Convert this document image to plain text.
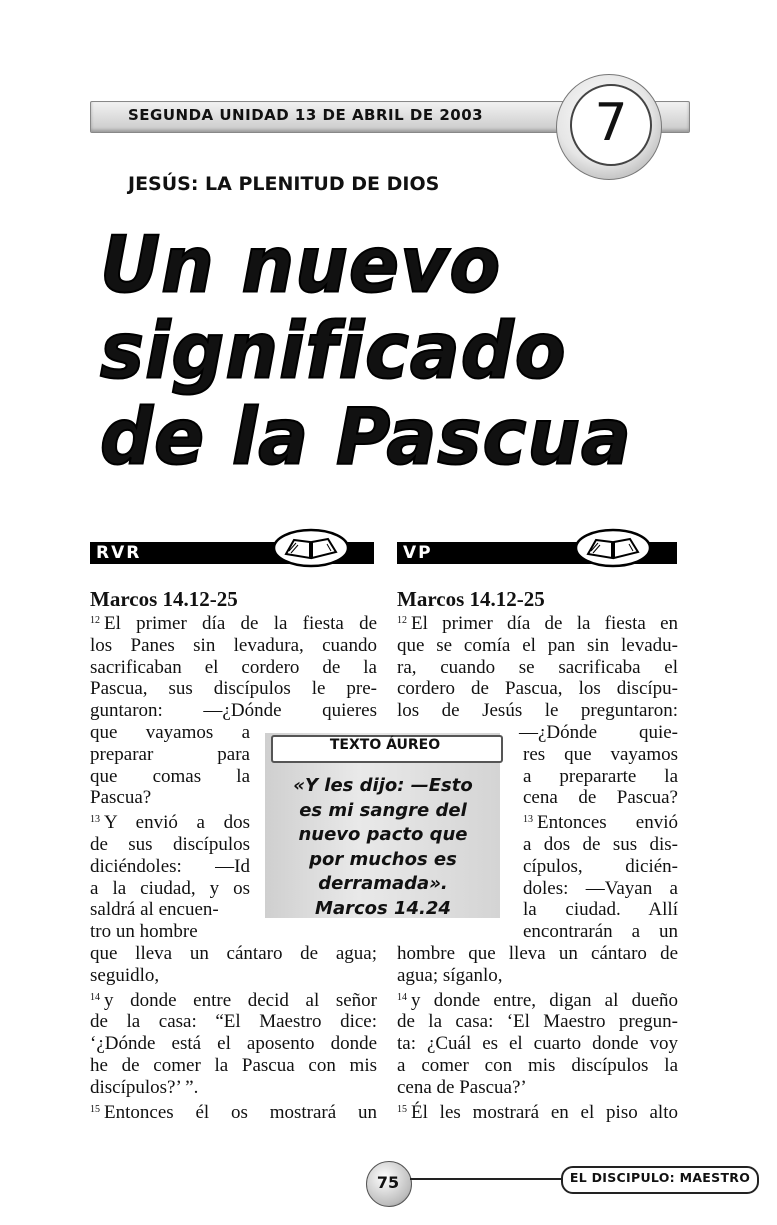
SEGUNDA UNIDAD 13 DE ABRIL DE 2003	7
JESÚS: LA PLENITUD DE DIOS
Un nuevo
significado
de la Pascua
RVR	VP

Marcos 14.12-25

$^{12}$ El primer día de la fiesta de

los Panes sin levadura, cuando

sacrificaban el cordero de la

Pascua, sus discípulos le pre-

guntaron: —¿Dónde quieres

que vayamos a

preparar para

que comas la

Pascua?

$^{13}$ Y envió a dos

de sus discípulos

diciéndoles: —Id

a la ciudad, y os

saldrá al encuen-

tro un hombre

que lleva un cántaro de agua;

seguidlo,

$^{14}$ y donde entre decid al señor

de la casa: “El Maestro dice:

‘¿Dónde está el aposento donde

he de comer la Pascua con mis

discípulos?’ ”.

$^{15}$ Entonces él os mostrará un

Marcos 14.12-25

$^{12}$ El primer día de la fiesta en

que se comía el pan sin levadu-

ra, cuando se sacrificaba el

cordero de Pascua, los discípu-

los de Jesús le preguntaron:

—¿Dónde quie-

res que vayamos

a prepararte la

cena de Pascua?

$^{13}$ Entonces envió

a dos de sus dis-

cípulos, dicién-

doles: —Vayan a

la ciudad. Allí

encontrarán a un

hombre que lleva un cántaro de

agua; síganlo,

$^{14}$ y donde entre, digan al dueño

de la casa: ‘El Maestro pregun-

ta: ¿Cuál es el cuarto donde voy

a comer con mis discípulos la

cena de Pascua?’

$^{15}$ Él les mostrará en el piso alto

TEXTO ÁUREO
«Y les dijo: —Esto
es mi sangre del
nuevo pacto que
por muchos es
derramada».
Marcos 14.24
75	EL DISCIPULO: MAESTRO
